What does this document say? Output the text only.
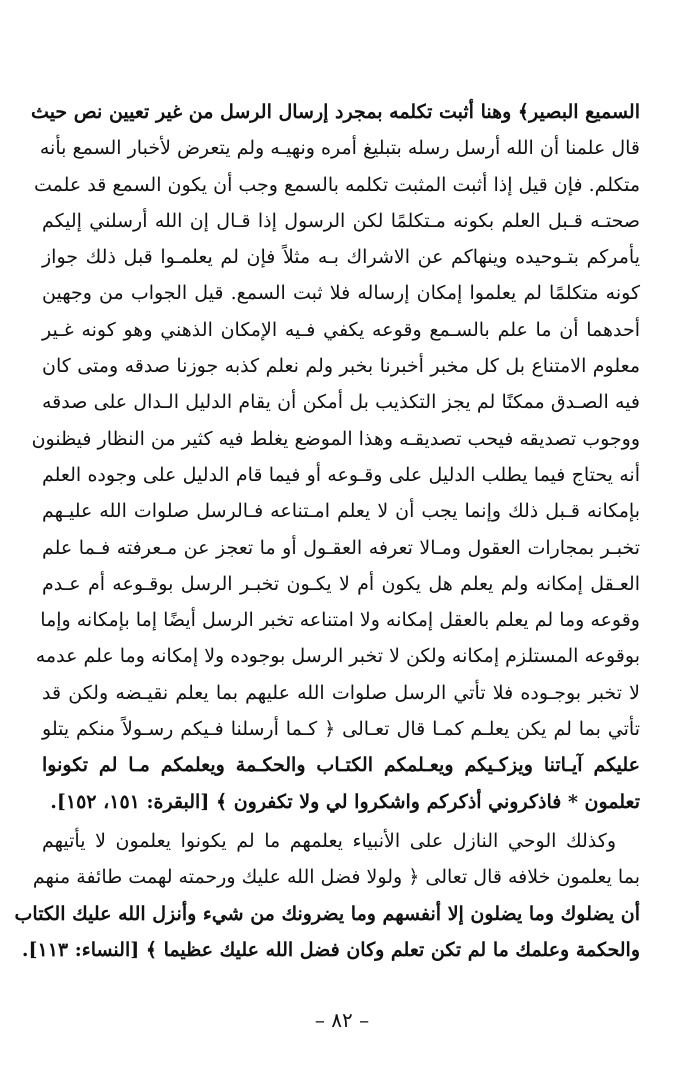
السميع البصير﴾ وهنا أثبت تكلمه بمجرد إرسال الرسل من غير تعيين نص حيث
قال علمنا أن الله أرسل رسله بتبليغ أمره ونهيـه ولم يتعرض لأخبار السمع بأنه
متكلم. فإن قيل إذا أثبت المثبت تكلمه بالسمع وجب أن يكون السمع قد علمت
صحتـه قـبل العلم بكونه مـتكلمًا لكن الرسول إذا قـال إن الله أرسلني إليكم
يأمركم بتـوحيده وينهاكم عن الاشراك بـه مثلاً فإن لم يعلمـوا قبل ذلك جواز
كونه متكلمًا لم يعلموا إمكان إرساله فلا ثبت السمع. قيل الجواب من وجهين
أحدهما أن ما علم بالسـمع وقوعه يكفي فـيه الإمكان الذهني وهو كونه غـير
معلوم الامتناع بل كل مخبر أخبرنا بخبر ولم نعلم كذبه جوزنا صدقه ومتى كان
فيه الصـدق ممكنًا لم يجز التكذيب بل أمكن أن يقام الدليل الـدال على صدقه
ووجوب تصديقه فيحب تصديقـه وهذا الموضع يغلط فيه كثير من النظار فيظنون
أنه يحتاج فيما يطلب الدليل على وقـوعه أو فيما قام الدليل على وجوده العلم
بإمكانه قـبل ذلك وإنما يجب أن لا يعلم امـتناعه فـالرسل صلوات الله عليـهم
تخبـر بمجارات العقول ومـالا تعرفه العقـول أو ما تعجز عن مـعرفته فـما علم
العـقل إمكانه ولم يعلم هل يكون أم لا يكـون تخبـر الرسل بوقـوعه أم عـدم
وقوعه وما لم يعلم بالعقل إمكانه ولا امتناعه تخبر الرسل أيضًا إما بإمكانه وإما
بوقوعه المستلزم إمكانه ولكن لا تخبر الرسل بوجوده ولا إمكانه وما علم عدمه
لا تخبر بوجـوده فلا تأتي الرسل صلوات الله عليهم بما يعلم نقيـضه ولكن قد
تأتي بما لم يكن يعلـم كمـا قال تعـالى ﴿ كـما أرسلنا فـيكم رسـولاً منكم يتلو
عليكم آيـاتنا ويزكـيكم ويعـلمكم الكتـاب والحكـمة ويعلمكم مـا لم تكونوا
تعلمون * فاذكروني أذكركم واشكروا لي ولا تكفرون ﴾ [البقرة: ١٥١، ١٥٢].
وكذلك الوحي النازل على الأنبياء يعلمهم ما لم يكونوا يعلمون لا يأتيهم
بما يعلمون خلافه قال تعالى ﴿ ولولا فضل الله عليك ورحمته لهمت طائفة منهم
أن يضلوك وما يضلون إلا أنفسهم وما يضرونك من شيء وأنزل الله عليك الكتاب
والحكمة وعلمك ما لم تكن تعلم وكان فضل الله عليك عظيما ﴾ [النساء: ١١٣].
– ٨٢ –
